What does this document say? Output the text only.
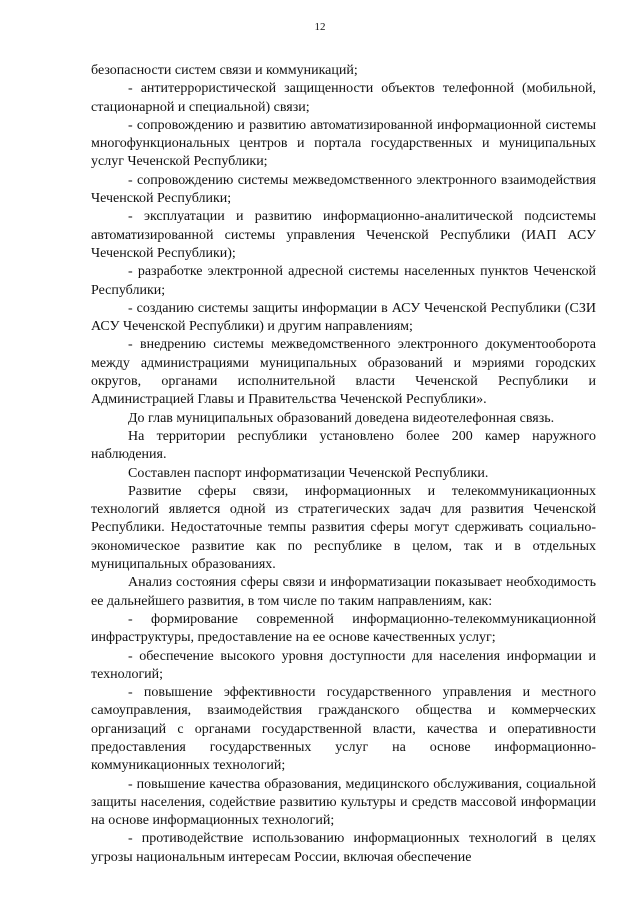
12

безопасности систем связи и коммуникаций;

- антитеррористической защищенности объектов телефонной (мобильной, стационарной и специальной) связи;

- сопровождению и развитию автоматизированной информационной системы многофункциональных центров и портала государственных и муниципальных услуг Чеченской Республики;

- сопровождению системы межведомственного электронного взаимодействия Чеченской Республики;

- эксплуатации и развитию информационно-аналитической подсистемы автоматизированной системы управления Чеченской Республики (ИАП АСУ Чеченской Республики);

- разработке электронной адресной системы населенных пунктов Чеченской Республики;

- созданию системы защиты информации в АСУ Чеченской Республики (СЗИ АСУ Чеченской Республики) и другим направлениям;

- внедрению системы межведомственного электронного документооборота между администрациями муниципальных образований и мэриями городских округов, органами исполнительной власти Чеченской Республики и Администрацией Главы и Правительства Чеченской Республики».

До глав муниципальных образований доведена видеотелефонная связь.

На территории республики установлено более 200 камер наружного наблюдения.

Составлен паспорт информатизации Чеченской Республики.

Развитие сферы связи, информационных и телекоммуникационных технологий является одной из стратегических задач для развития Чеченской Республики. Недостаточные темпы развития сферы могут сдерживать социально-экономическое развитие как по республике в целом, так и в отдельных муниципальных образованиях.

Анализ состояния сферы связи и информатизации показывает необходимость ее дальнейшего развития, в том числе по таким направлениям, как:

- формирование современной информационно-телекоммуникационной инфраструктуры, предоставление на ее основе качественных услуг;

- обеспечение высокого уровня доступности для населения информации и технологий;

- повышение эффективности государственного управления и местного самоуправления, взаимодействия гражданского общества и коммерческих организаций с органами государственной власти, качества и оперативности предоставления государственных услуг на основе информационно-коммуникационных технологий;

- повышение качества образования, медицинского обслуживания, социальной защиты населения, содействие развитию культуры и средств массовой информации на основе информационных технологий;

- противодействие использованию информационных технологий в целях угрозы национальным интересам России, включая обеспечение
